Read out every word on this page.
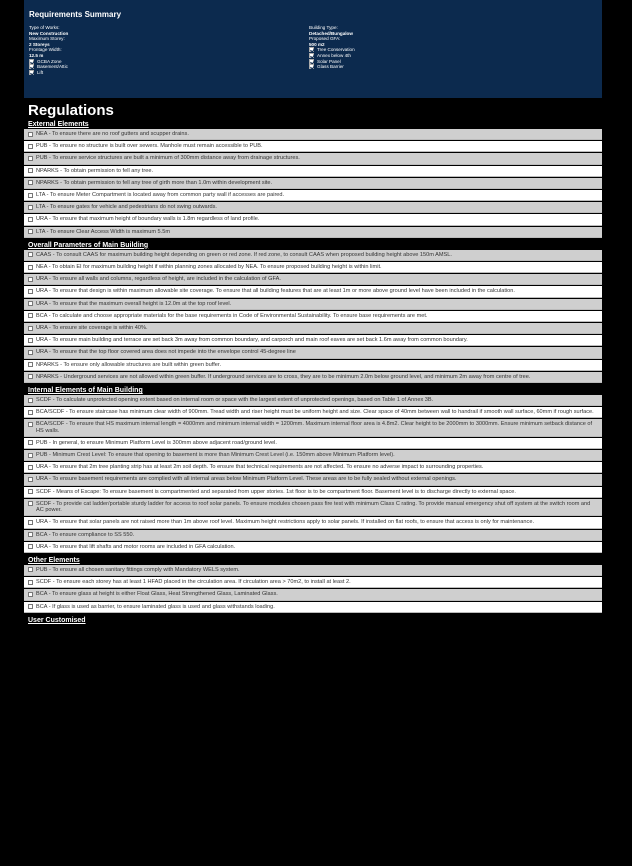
Requirements Summary
Type of Works:
New Construction
Maximum Storey:
2 Storeys
Frontage Width:
12.5 m
GCBA Zone
Basement/Attic
Lift
Building Type:
Detached/Bungalow
Proposed GFA:
500 m2
Tree Conservation
Annex below 4th
Solar Panel
Glass Barrier
Regulations
External Elements
NEA - To ensure there are no roof gutters and scupper drains.
PUB - To ensure no structure is built over sewers. Manhole must remain accessible to PUB.
PUB - To ensure service structures are built a minimum of 300mm distance away from drainage structures.
NPARKS - To obtain permission to fell any tree.
NPARKS - To obtain permission to fell any tree of girth more than 1.0m within development site.
LTA - To ensure Meter Compartment is located away from common party wall if accesses are paired.
LTA - To ensure gates for vehicle and pedestrians do not swing outwards.
URA - To ensure that maximum height of boundary walls is 1.8m regardless of land profile.
LTA - To ensure Clear Access Width is maximum 5.5m
Overall Parameters of Main Building
CAAS - To consult CAAS for maximum building height depending on green or red zone. If red zone, to consult CAAS when proposed building height above 150m AMSL.
NEA - To obtain EI for maximum building height if within planning zones allocated by NEA. To ensure proposed building height is within limit.
URA - To ensure all walls and columns, regardless of height, are included in the calculation of GFA.
URA - To ensure that design is within maximum allowable site coverage. To ensure that all building features that are at least 1m or more above ground level have been included in the calculation.
URA - To ensure that the maximum overall height is 12.0m at the top roof level.
BCA - To calculate and choose appropriate materials for the base requirements in Code of Environmental Sustainability. To ensure base requirements are met.
URA - To ensure site coverage is within 40%.
URA - To ensure main building and terrace are set back 3m away from common boundary, and carporch and main roof eaves are set back 1.6m away from common boundary.
URA - To ensure that the top floor covered area does not impede into the envelope control 45-degree line
NPARKS - To ensure only allowable structures are built within green buffer.
NPARKS - Underground services are not allowed within green buffer. If underground services are to cross, they are to be minimum 2.0m below ground level, and minimum 2m away from centre of tree.
Internal Elements of Main Building
SCDF - To calculate unprotected opening extent based on internal room or space with the largest extent of unprotected openings, based on Table 1 of Annex 3B.
BCA/SCDF - To ensure staircase has minimum clear width of 900mm. Tread width and riser height must be uniform height and size. Clear space of 40mm between wall to handrail if smooth wall surface, 60mm if rough surface.
BCA/SCDF - To ensure that HS maximum internal length = 4000mm and minimum internal width = 1200mm. Maximum internal floor area is 4.8m2. Clear height to be 2000mm to 3000mm. Ensure minimum setback distance of HS walls.
PUB - In general, to ensure Minimum Platform Level is 300mm above adjacent road/ground level.
PUB - Minimum Crest Level: To ensure that opening to basement is more than Minimum Crest Level (i.e. 150mm above Minimum Platform level).
URA - To ensure that 2m tree planting strip has at least 2m soil depth. To ensure that technical requirements are not affected. To ensure no adverse impact to surrounding properties.
URA - To ensure basement requirements are complied with all internal areas below Minimum Platform Level. These areas are to be fully sealed without external openings.
SCDF - Means of Escape: To ensure basement is compartmented and separated from upper stories. 1st floor is to be compartment floor. Basement level is to discharge directly to external space.
SCDF - To provide cat ladder/portable sturdy ladder for access to roof solar panels. To ensure modules chosen pass fire test with minimum Class C rating. To provide manual emergency shut off system at the switch room and AC power.
URA - To ensure that solar panels are not raised more than 1m above roof level. Maximum height restrictions apply to solar panels. If installed on flat roofs, to ensure that access is only for maintenance.
BCA - To ensure compliance to SS 550.
URA - To ensure that lift shafts and motor rooms are included in GFA calculation.
Other Elements
PUB - To ensure all chosen sanitary fittings comply with Mandatory WELS system.
SCDF - To ensure each storey has at least 1 HFAD placed in the circulation area. If circulation area > 70m2, to install at least 2.
BCA - To ensure glass at height is either Float Glass, Heat Strengthened Glass, Laminated Glass.
BCA - If glass is used as barrier, to ensure laminated glass is used and glass withstands loading.
User Customised
